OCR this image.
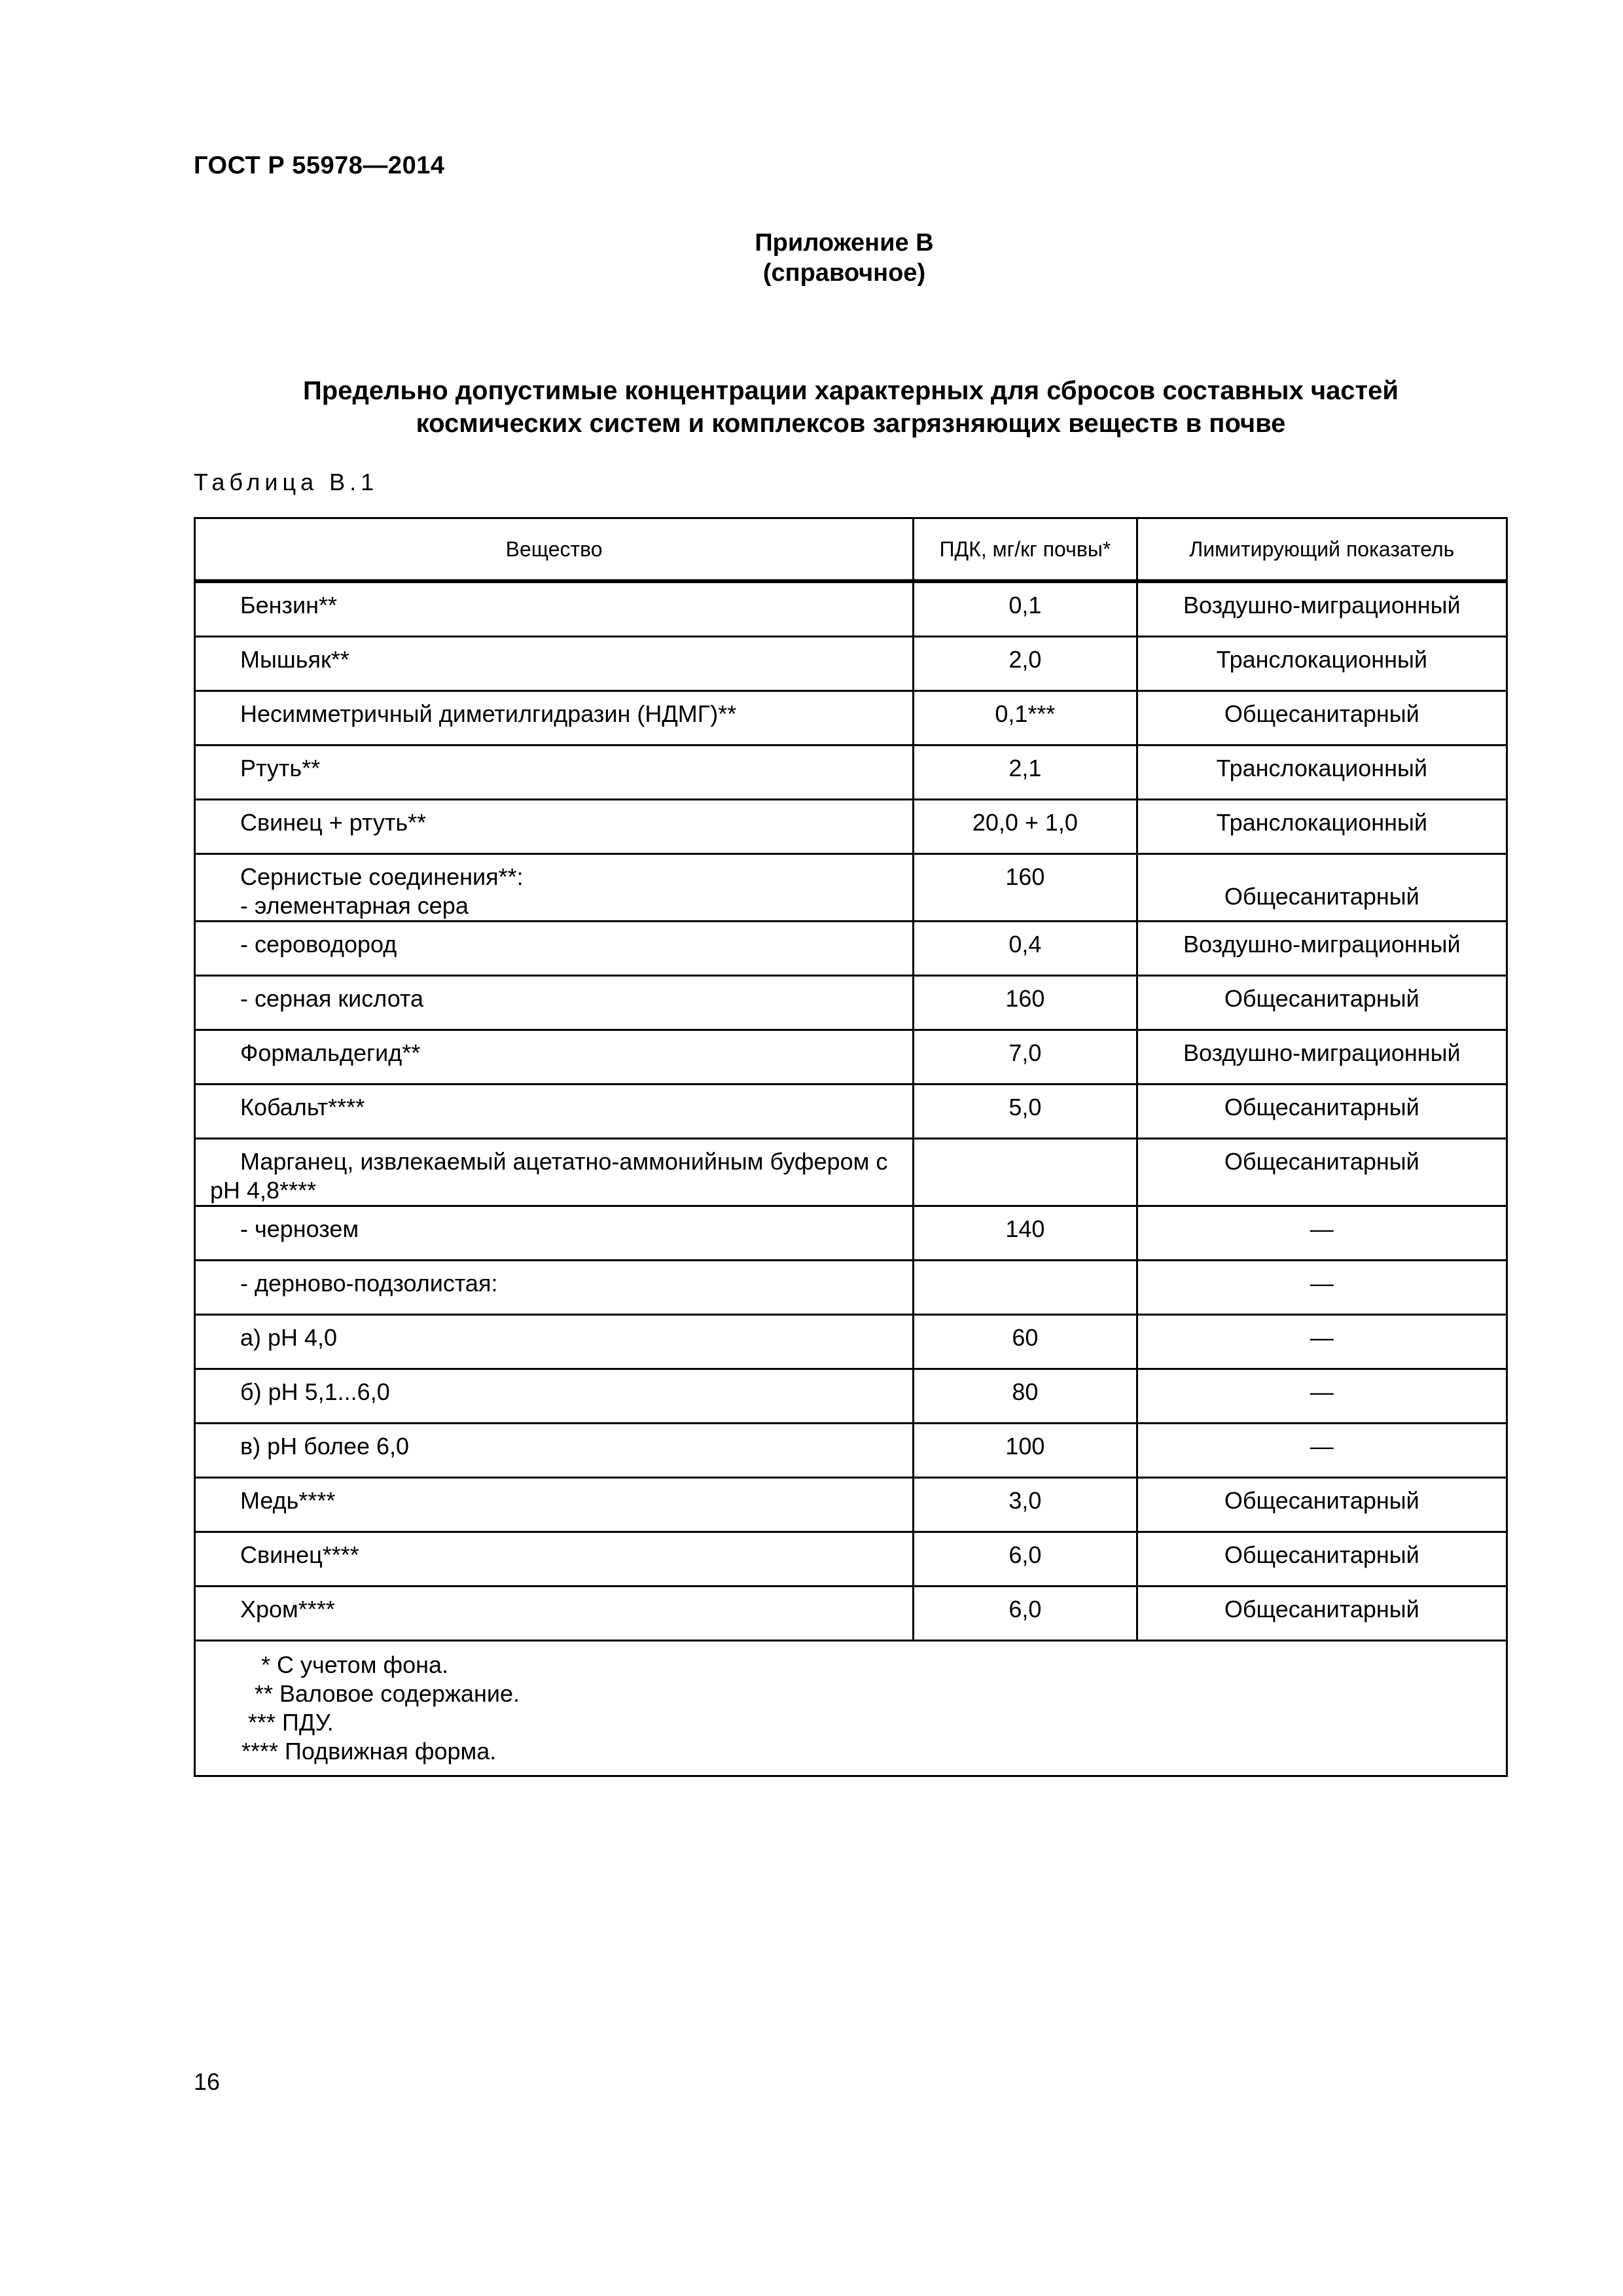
ГОСТ Р 55978—2014
Приложение В
(справочное)
Предельно допустимые концентрации характерных для сбросов составных частей
космических систем и комплексов загрязняющих веществ в почве
Таблица В.1
Вещество	ПДК, мг/кг почвы*	Лимитирующий показатель
Бензин**	0,1	Воздушно-миграционный
Мышьяк**	2,0	Транслокационный
Несимметричный диметилгидразин (НДМГ)**	0,1***	Общесанитарный
Ртуть**	2,1	Транслокационный
Свинец + ртуть**	20,0 + 1,0	Транслокационный

Сернистые соединения**:
- элементарная сера	160	Общесанитарный
- сероводород	0,4	Воздушно-миграционный
- серная кислота	160	Общесанитарный
Формальдегид**	7,0	Воздушно-миграционный
Кобальт****	5,0	Общесанитарный
Марганец, извлекаемый ацетатно-аммонийным буфером с рН 4,8****		Общесанитарный
- чернозем	140	—
- дерново-подзолистая:		—
а) рН 4,0	60	—
б) рН 5,1...6,0	80	—
в) рН более 6,0	100	—
Медь****	3,0	Общесанитарный
Свинец****	6,0	Общесанитарный
Хром****	6,0	Общесанитарный

* С учетом фона.
** Валовое содержание.
*** ПДУ.
**** Подвижная форма.		
16
